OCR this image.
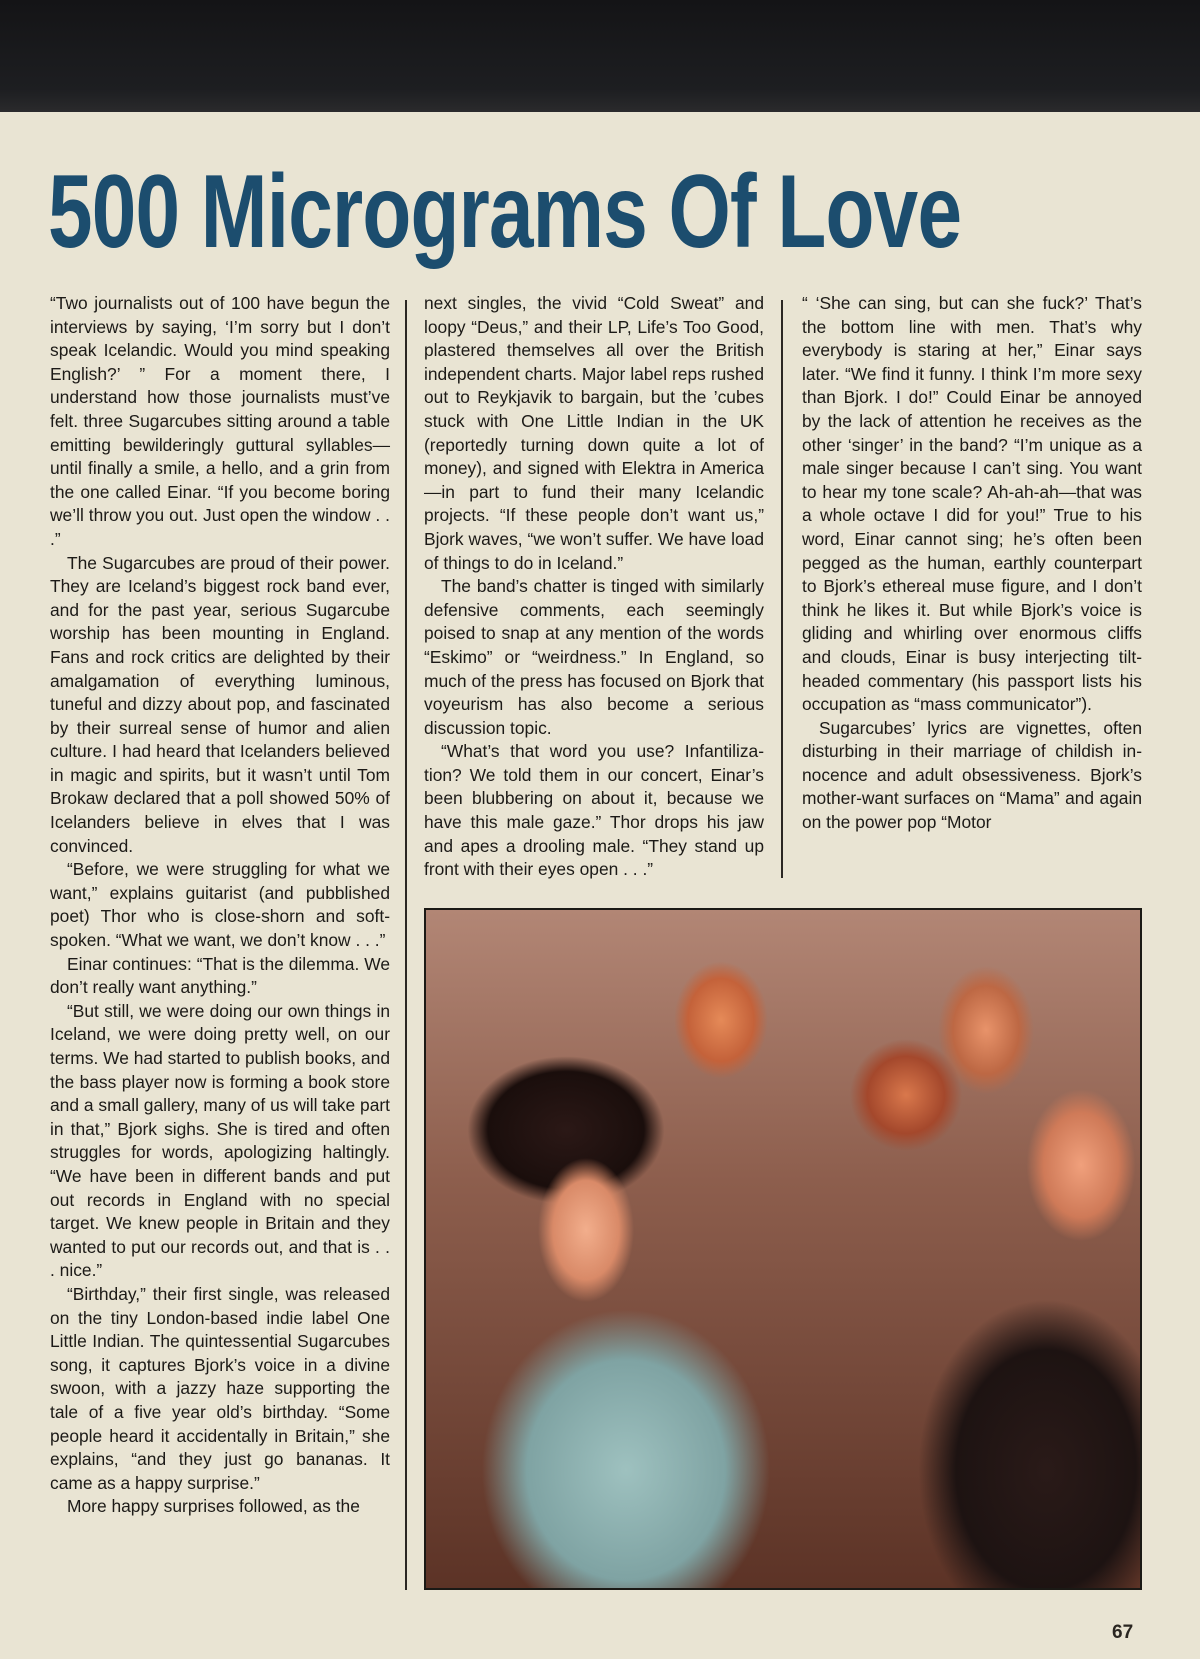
500 Micrograms Of Love

“Two journalists out of 100 have begun the interviews by saying, ‘I’m sorry but I don’t speak Icelandic. Would you mind speaking English?’ ” For a moment there, I understand how those journalists must’ve felt. three Sugarcubes sitting around a table emitting bewilderingly guttural syllables—until finally a smile, a hello, and a grin from the one called Einar. “If you become boring we’ll throw you out. Just open the window . . .”

The Sugarcubes are proud of their power. They are Iceland’s biggest rock band ever, and for the past year, serious Sugarcube worship has been mounting in England. Fans and rock critics are delighted by their amalgamation of everything luminous, tuneful and dizzy about pop, and fascinated by their surreal sense of humor and alien culture. I had heard that Icelanders believed in magic and spirits, but it wasn’t until Tom Brokaw declared that a poll showed 50% of Icelanders believe in elves that I was convinced.

“Before, we were struggling for what we want,” explains guitarist (and pubblished poet) Thor who is close-shorn and soft-spoken. “What we want, we don’t know . . .”

Einar continues: “That is the dilemma. We don’t really want anything.”

“But still, we were doing our own things in Iceland, we were doing pretty well, on our terms. We had started to publish books, and the bass player now is forming a book store and a small gallery, many of us will take part in that,” Bjork sighs. She is tired and often struggles for words, apologizing haltingly. “We have been in different bands and put out records in England with no special target. We knew people in Britain and they wanted to put our records out, and that is . . . nice.”

“Birthday,” their first single, was released on the tiny London-based indie label One Little Indian. The quintessential Sugarcubes song, it captures Bjork’s voice in a divine swoon, with a jazzy haze supporting the tale of a five year old’s birthday. “Some people heard it accidentally in Britain,” she explains, “and they just go bananas. It came as a happy surprise.”

More happy surprises followed, as the

next singles, the vivid “Cold Sweat” and loopy “Deus,” and their LP, Life’s Too Good, plastered themselves all over the British independent charts. Major label reps rushed out to Reykjavik to bargain, but the ’cubes stuck with One Little Indian in the UK (reportedly turning down quite a lot of money), and signed with Elektra in America—in part to fund their many Icelandic projects. “If these people don’t want us,” Bjork waves, “we won’t suffer. We have load of things to do in Iceland.”

The band’s chatter is tinged with similarly defensive comments, each seemingly poised to snap at any mention of the words “Eskimo” or “weirdness.” In England, so much of the press has focused on Bjork that voyeurism has also become a serious discussion topic.

“What’s that word you use? Infantilization? We told them in our concert, Einar’s been blubbering on about it, because we have this male gaze.” Thor drops his jaw and apes a drooling male. “They stand up front with their eyes open . . .”

“ ‘She can sing, but can she fuck?’ That’s the bottom line with men. That’s why everybody is staring at her,” Einar says later. “We find it funny. I think I’m more sexy than Bjork. I do!” Could Einar be annoyed by the lack of attention he receives as the other ‘singer’ in the band? “I’m unique as a male singer because I can’t sing. You want to hear my tone scale? Ah-ah-ah—that was a whole octave I did for you!” True to his word, Einar cannot sing; he’s often been pegged as the human, earthly counterpart to Bjork’s ethereal muse figure, and I don’t think he likes it. But while Bjork’s voice is gliding and whirling over enormous cliffs and clouds, Einar is busy interjecting tiltheaded commentary (his passport lists his occupation as “mass communicator”).

Sugarcubes’ lyrics are vignettes, often disturbing in their marriage of childish innocence and adult obsessiveness. Bjork’s mother-want surfaces on “Mama” and again on the power pop “Motor

67
